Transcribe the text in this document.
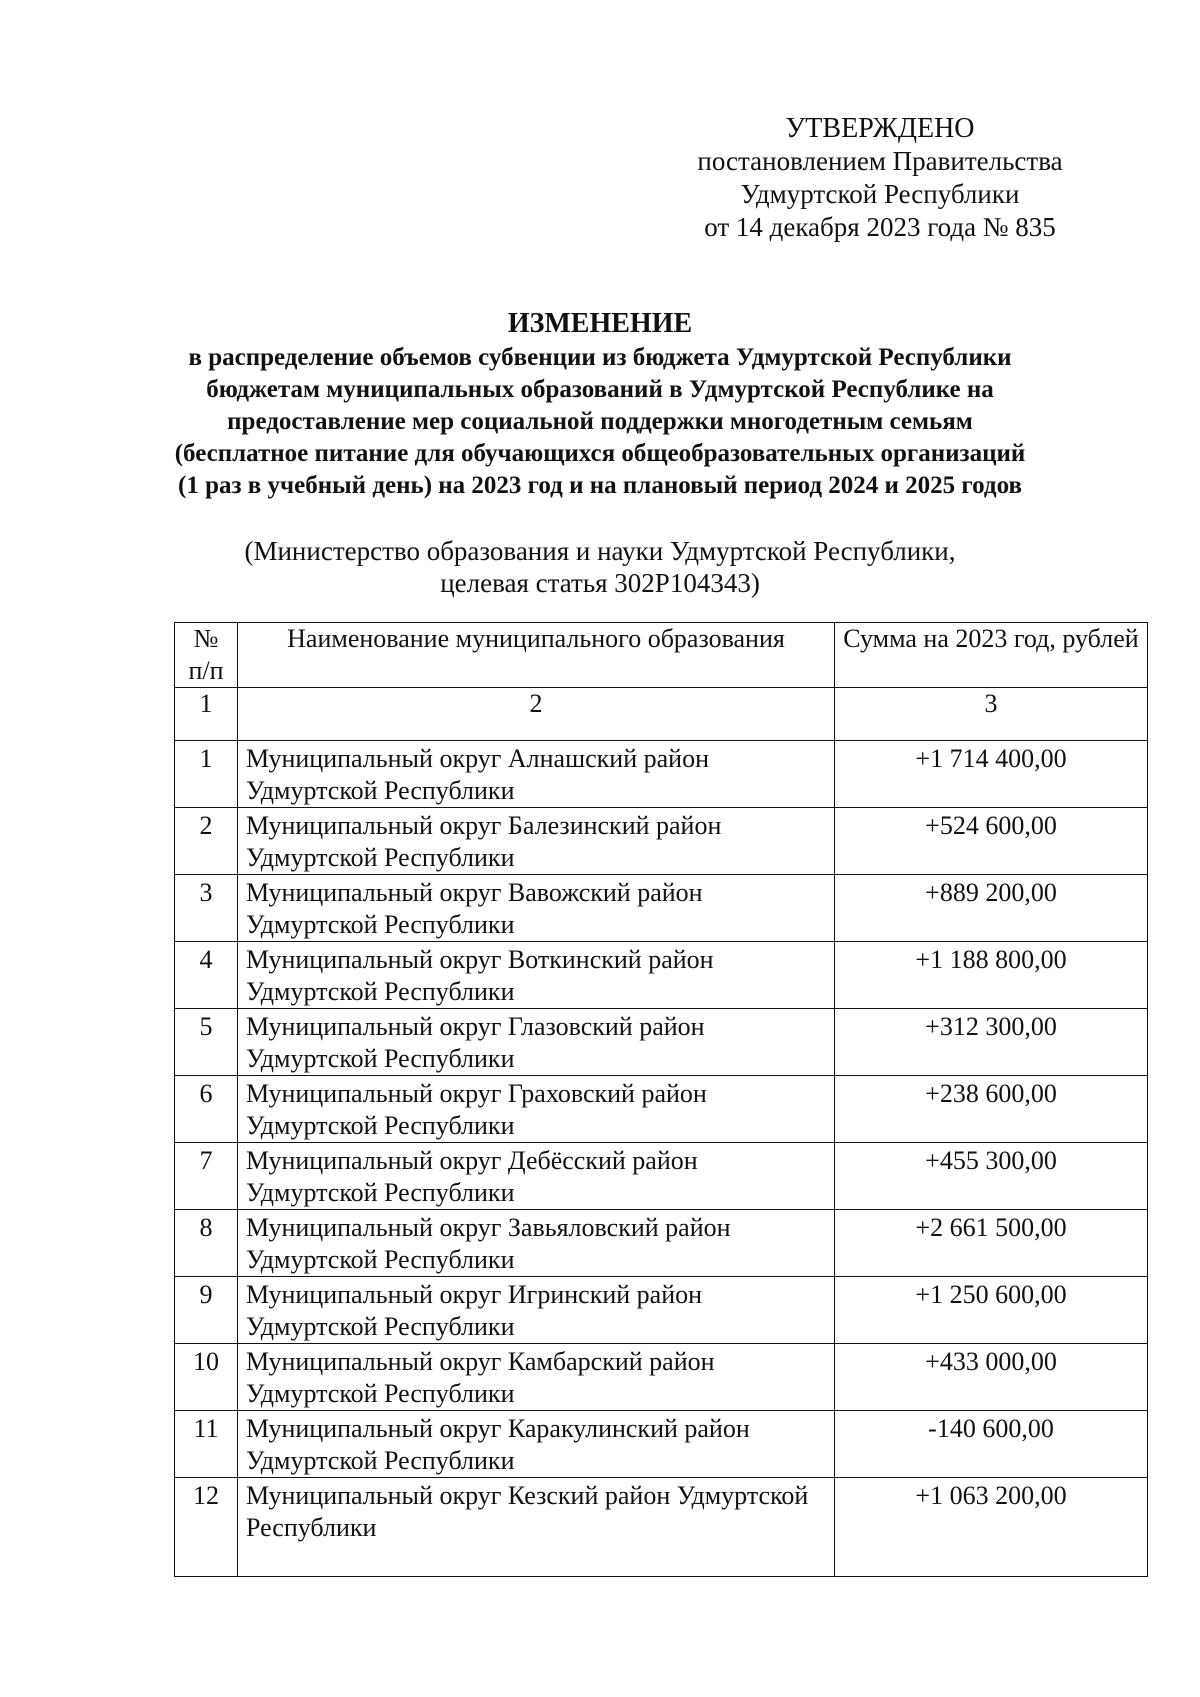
УТВЕРЖДЕНО
постановлением Правительства
Удмуртской Республики
от 14 декабря 2023 года № 835
ИЗМЕНЕНИЕ
в распределение объемов субвенции из бюджета Удмуртской Республики
бюджетам муниципальных образований в Удмуртской Республике на
предоставление мер социальной поддержки многодетным семьям
(бесплатное питание для обучающихся общеобразовательных организаций
(1 раз в учебный день) на 2023 год и на плановый период 2024 и 2025 годов
(Министерство образования и науки Удмуртской Республики,
целевая статья 302P104343)
№ п/п	Наименование муниципального образования	Сумма на 2023 год, рублей
1	2	3
1	Муниципальный округ Алнашский район Удмуртской Республики	+1 714 400,00
2	Муниципальный округ Балезинский район Удмуртской Республики	+524 600,00
3	Муниципальный округ Вавожский район Удмуртской Республики	+889 200,00
4	Муниципальный округ Воткинский район Удмуртской Республики	+1 188 800,00
5	Муниципальный округ Глазовский район Удмуртской Республики	+312 300,00
6	Муниципальный округ Граховский район Удмуртской Республики	+238 600,00
7	Муниципальный округ Дебёсский район Удмуртской Республики	+455 300,00
8	Муниципальный округ Завьяловский район Удмуртской Республики	+2 661 500,00
9	Муниципальный округ Игринский район Удмуртской Республики	+1 250 600,00
10	Муниципальный округ Камбарский район Удмуртской Республики	+433 000,00
11	Муниципальный округ Каракулинский район Удмуртской Республики	-140 600,00
12	Муниципальный округ Кезский район Удмуртской Республики	+1 063 200,00
